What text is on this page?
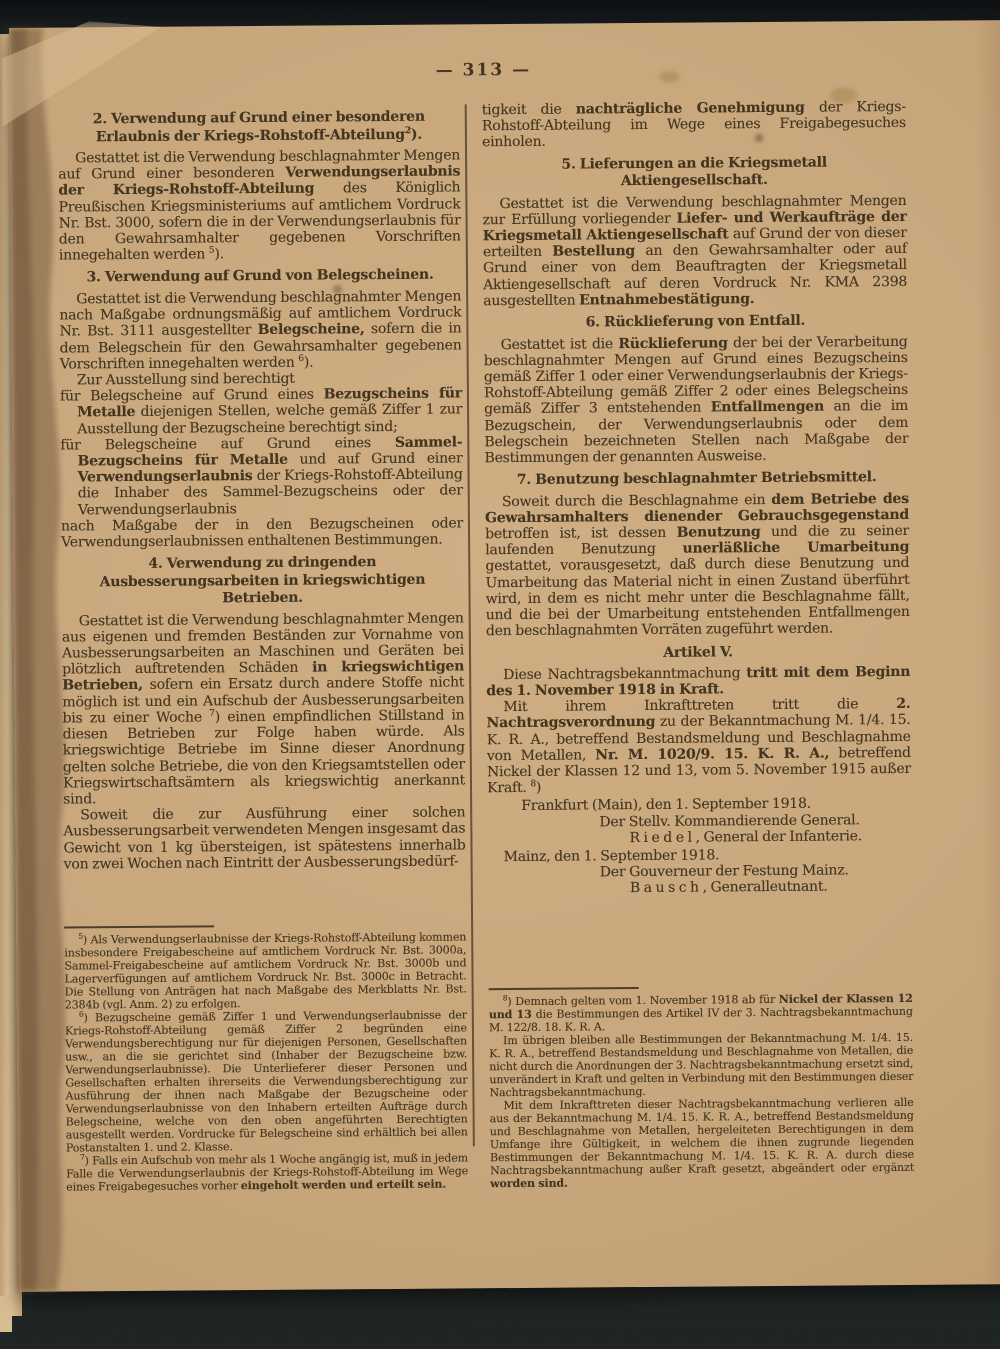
— 313 —
2. Verwendung auf Grund einer besonderen Erlaubnis der Kriegs-Rohstoff-Abteilung$^2$).
Gestattet ist die Verwendung beschlagnahmter Mengen auf Grund einer besonderen Verwendungserlaubnis der Kriegs-Rohstoff-Abteilung des Königlich Preußischen Kriegsministeriums auf amtlichem Vordruck Nr. Bst. 3000, sofern die in der Verwendungserlaubnis für den Gewahrsamhalter gegebenen Vorschriften innegehalten werden $^5$).
3. Verwendung auf Grund von Belegscheinen.
Gestattet ist die Verwendung beschlagnahmter Mengen nach Maßgabe ordnungsmäßig auf amtlichem Vordruck Nr. Bst. 3111 ausgestellter Belegscheine, sofern die in dem Belegschein für den Gewahrsamhalter gegebenen Vorschriften innegehalten werden $^6$).
Zur Ausstellung sind berechtigt
für Belegscheine auf Grund eines Bezugscheins für Metalle diejenigen Stellen, welche gemäß Ziffer 1 zur Ausstellung der Bezugscheine berechtigt sind;
für Belegscheine auf Grund eines Sammel-Bezugscheins für Metalle und auf Grund einer Verwendungserlaubnis der Kriegs-Rohstoff-Abteilung die Inhaber des Sammel-Bezugscheins oder der Verwendungserlaubnis
nach Maßgabe der in den Bezugscheinen oder Verwendungserlaubnissen enthaltenen Bestimmungen.
4. Verwendung zu dringenden Ausbesserungsarbeiten in kriegswichtigen Betrieben.
Gestattet ist die Verwendung beschlagnahmter Mengen aus eigenen und fremden Beständen zur Vornahme von Ausbesserungsarbeiten an Maschinen und Geräten bei plötzlich auftretenden Schäden in kriegswichtigen Betrieben, sofern ein Ersatz durch andere Stoffe nicht möglich ist und ein Aufschub der Ausbesserungsarbeiten bis zu einer Woche $^7$) einen empfindlichen Stillstand in diesen Betrieben zur Folge haben würde. Als kriegswichtige Betriebe im Sinne dieser Anordnung gelten solche Betriebe, die von den Kriegsamtstellen oder Kriegswirtschaftsämtern als kriegswichtig anerkannt sind.
Soweit die zur Ausführung einer solchen Ausbesserungsarbeit verwendeten Mengen insgesamt das Gewicht von 1 kg übersteigen, ist spätestens innerhalb von zwei Wochen nach Eintritt der Ausbesserungsbedürf-
$^5$) Als Verwendungserlaubnisse der Kriegs-Rohstoff-Abteilung kommen insbesondere Freigabescheine auf amtlichem Vordruck Nr. Bst. 3000a, Sammel-Freigabescheine auf amtlichem Vordruck Nr. Bst. 3000b und Lagerverfügungen auf amtlichem Vordruck Nr. Bst. 3000c in Betracht. Die Stellung von Anträgen hat nach Maßgabe des Merkblatts Nr. Bst. 2384b (vgl. Anm. 2) zu erfolgen.
$^6$) Bezugscheine gemäß Ziffer 1 und Verwendungserlaubnisse der Kriegs-Rohstoff-Abteilung gemäß Ziffer 2 begründen eine Verwendungsberechtigung nur für diejenigen Personen, Gesellschaften usw., an die sie gerichtet sind (Inhaber der Bezugscheine bzw. Verwendungserlaubnisse). Die Unterlieferer dieser Personen und Gesellschaften erhalten ihrerseits die Verwendungsberechtigung zur Ausführung der ihnen nach Maßgabe der Bezugscheine oder Verwendungserlaubnisse von den Inhabern erteilten Aufträge durch Belegscheine, welche von den oben angeführten Berechtigten ausgestellt werden. Vordrucke für Belegscheine sind erhältlich bei allen Postanstalten 1. und 2. Klasse.
$^7$) Falls ein Aufschub von mehr als 1 Woche angängig ist, muß in jedem Falle die Verwendungserlaubnis der Kriegs-Rohstoff-Abteilung im Wege eines Freigabegesuches vorher eingeholt werden und erteilt sein.
tigkeit die nachträgliche Genehmigung der Kriegs-Rohstoff-Abteilung im Wege eines Freigabegesuches einholen.
5. Lieferungen an die Kriegsmetall Aktiengesellschaft.
Gestattet ist die Verwendung beschlagnahmter Mengen zur Erfüllung vorliegender Liefer- und Werkaufträge der Kriegsmetall Aktiengesellschaft auf Grund der von dieser erteilten Bestellung an den Gewahrsamhalter oder auf Grund einer von dem Beauftragten der Kriegsmetall Aktiengesellschaft auf deren Vordruck Nr. KMA 2398 ausgestellten Entnahmebestätigung.
6. Rücklieferung von Entfall.
Gestattet ist die Rücklieferung der bei der Verarbeitung beschlagnahmter Mengen auf Grund eines Bezugscheins gemäß Ziffer 1 oder einer Verwendungserlaubnis der Kriegs-Rohstoff-Abteilung gemäß Ziffer 2 oder eines Belegscheins gemäß Ziffer 3 entstehenden Entfallmengen an die im Bezugschein, der Verwendungserlaubnis oder dem Belegschein bezeichneten Stellen nach Maßgabe der Bestimmungen der genannten Ausweise.
7. Benutzung beschlagnahmter Betriebsmittel.
Soweit durch die Beschlagnahme ein dem Betriebe des Gewahrsamhalters dienender Gebrauchsgegenstand betroffen ist, ist dessen Benutzung und die zu seiner laufenden Benutzung unerläßliche Umarbeitung gestattet, vorausgesetzt, daß durch diese Benutzung und Umarbeitung das Material nicht in einen Zustand überführt wird, in dem es nicht mehr unter die Beschlagnahme fällt, und die bei der Umarbeitung entstehenden Entfallmengen den beschlagnahmten Vorräten zugeführt werden.
Artikel V.
Diese Nachtragsbekanntmachung tritt mit dem Beginn des 1. November 1918 in Kraft.
Mit ihrem Inkrafttreten tritt die 2. Nachtragsverordnung zu der Bekanntmachung M. 1/4. 15. K. R. A., betreffend Bestandsmeldung und Beschlagnahme von Metallen, Nr. M. 1020/9. 15. K. R. A., betreffend Nickel der Klassen 12 und 13, vom 5. November 1915 außer Kraft. $^8$)
Frankfurt (Main), den 1. September 1918.
Der Stellv. Kommandierende General.
Riedel, General der Infanterie.
Mainz, den 1. September 1918.
Der Gouverneur der Festung Mainz.
Bausch, Generalleutnant.
$^8$) Demnach gelten vom 1. November 1918 ab für Nickel der Klassen 12 und 13 die Bestimmungen des Artikel IV der 3. Nachtragsbekanntmachung M. 122/8. 18. K. R. A.
Im übrigen bleiben alle Bestimmungen der Bekanntmachung M. 1/4. 15. K. R. A., betreffend Bestandsmeldung und Beschlagnahme von Metallen, die nicht durch die Anordnungen der 3. Nachtragsbekanntmachung ersetzt sind, unverändert in Kraft und gelten in Verbindung mit den Bestimmungen dieser Nachtragsbekanntmachung.
Mit dem Inkrafttreten dieser Nachtragsbekanntmachung verlieren alle aus der Bekanntmachung M. 1/4. 15. K. R. A., betreffend Bestandsmeldung und Beschlagnahme von Metallen, hergeleiteten Berechtigungen in dem Umfange ihre Gültigkeit, in welchem die ihnen zugrunde liegenden Bestimmungen der Bekanntmachung M. 1/4. 15. K. R. A. durch diese Nachtragsbekanntmachung außer Kraft gesetzt, abgeändert oder ergänzt worden sind.
